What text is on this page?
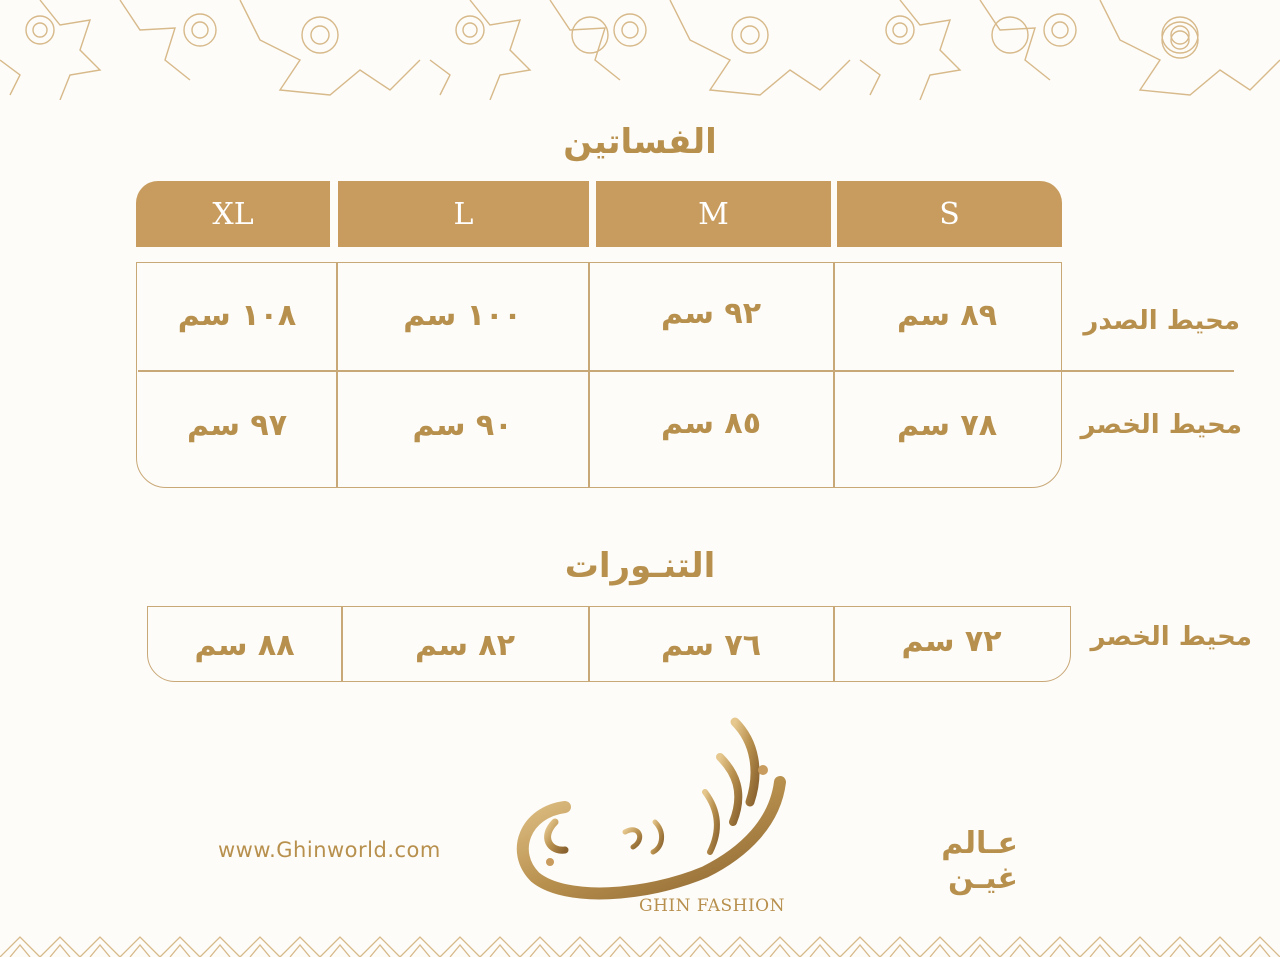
الفساتين
XL	L	M	S
١٠٨ سم	١٠٠ سم	٩٢ سم	٨٩ سم	محيط الصدر
٩٧ سم	٩٠ سم	٨٥ سم	٧٨ سم	محيط الخصر
التنـورات
٨٨ سم	٨٢ سم	٧٦ سم	٧٢ سم	محيط الخصر
www.Ghinworld.com
GHIN FASHION
عـالم غيـن
